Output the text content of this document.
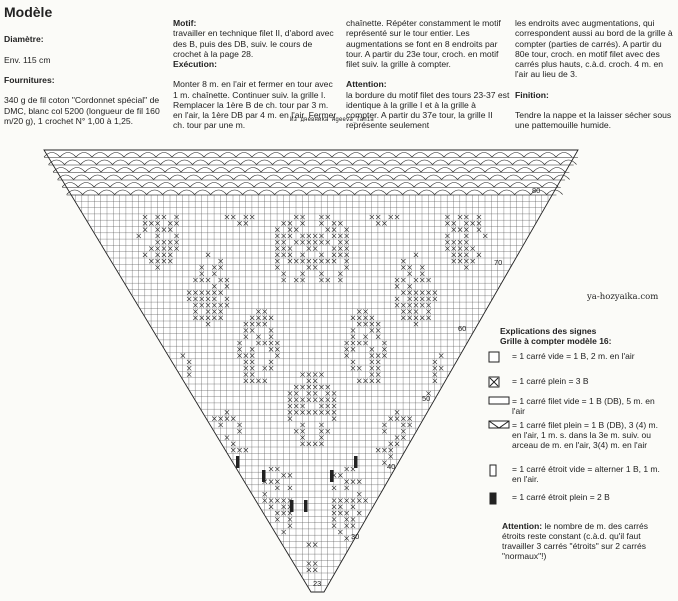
Modèle

Diamètre:

Env. 115 cm

Fournitures:

340 g de fil coton "Cordonnet spécial" de DMC, blanc col 5200 (longueur de fil 160 m/20 g), 1 crochet N° 1,00 à 1,25.

Motif:
travailler en technique filet II, d'abord avec des B, puis des DB, suiv. le cours de crochet à la page 28.

Exécution:

Monter 8 m. en l'air et fermer en tour avec 1 m. chaînette. Continuer suiv. la grille I. Remplacer la 1ère B de ch. tour par 3 m. en l'air, la 1ère DB par 4 m. en l'air. Fermer ch. tour par une m.

chaînette. Répéter constamment le motif représenté sur le tour entier. Les augmentations se font en 8 endroits par tour. A partir du 23e tour, croch. en motif filet suiv. la grille à compter.

Attention:
la bordure du motif filet des tours 23-37 est identique à la grille I et à la grille à compter. A partir du 37e tour, la grille II représente seulement

les endroits avec augmentations, qui correspondent aussi au bord de la grille à compter (parties de carrés). A partir du 80e tour, croch. en motif filet avec des carrés plus hauts, c.à.d. croch. 4 m. en l'air au lieu de 3.

Finition:

Tendre la nappe et la laisser sécher sous une pattemouille humide.

Из дневника Ageeva_Tania
ya-hozyaika.com
80
70
60
50
40
30
23
Explications des signes
Grille à compter modèle 16:
= 1 carré vide = 1 B, 2 m. en l'air
= 1 carré plein = 3 B
= 1 carré filet vide = 1 B (DB), 5 m. en l'air
= 1 carré filet plein = 1 B (DB), 3 (4) m. en l'air, 1 m. s. dans la 3e m. suiv. ou arceau de m. en l'air, 3(4) m. en l'air
= 1 carré étroit vide = alterner 1 B, 1 m. en l'air.
= 1 carré étroit plein = 2 B
Attention: le nombre de m. des carrés étroits reste constant (c.à.d. qu'il faut travailler 3 carrés "étroits" sur 2 carrés "normaux"!)
